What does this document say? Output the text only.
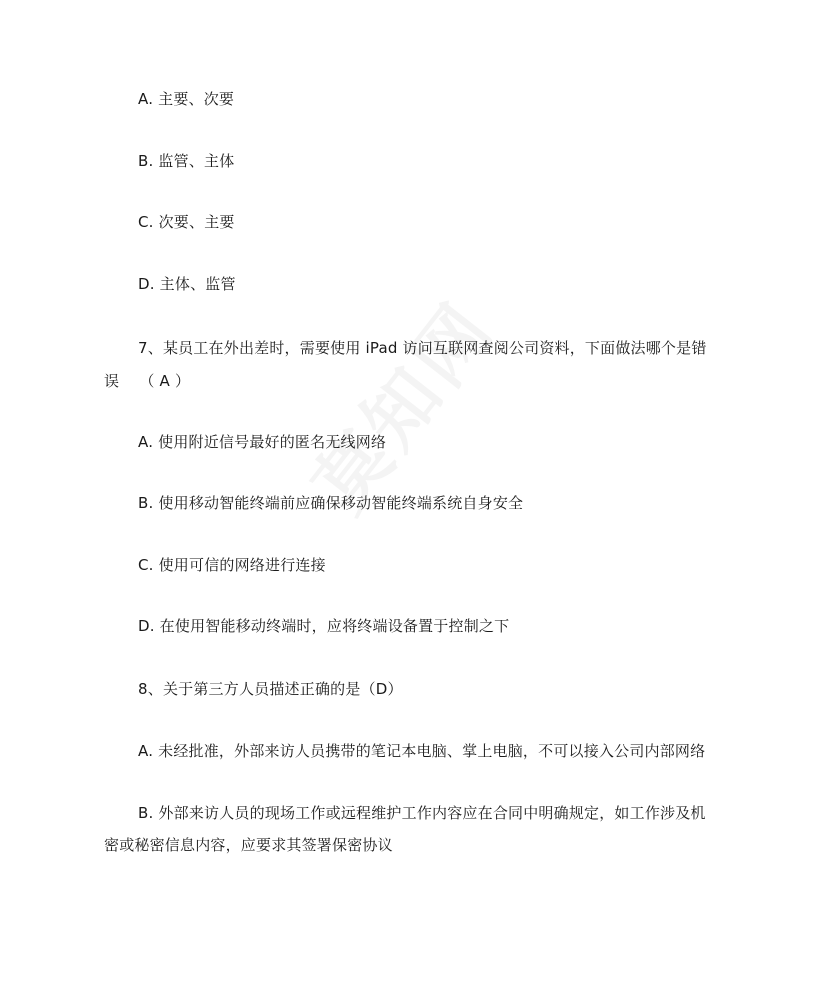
A. 主要、次要
B. 监管、主体
C. 次要、主要
D. 主体、监管
7、某员工在外出差时，需要使用 iPad 访问互联网查阅公司资料，下面做法哪个是错
误　 （ A ）
A. 使用附近信号最好的匿名无线网络
B. 使用移动智能终端前应确保移动智能终端系统自身安全
C. 使用可信的网络进行连接
D. 在使用智能移动终端时，应将终端设备置于控制之下
8、关于第三方人员描述正确的是（D）
A. 未经批准，外部来访人员携带的笔记本电脑、掌上电脑，不可以接入公司内部网络
B. 外部来访人员的现场工作或远程维护工作内容应在合同中明确规定，如工作涉及机
密或秘密信息内容，应要求其签署保密协议
